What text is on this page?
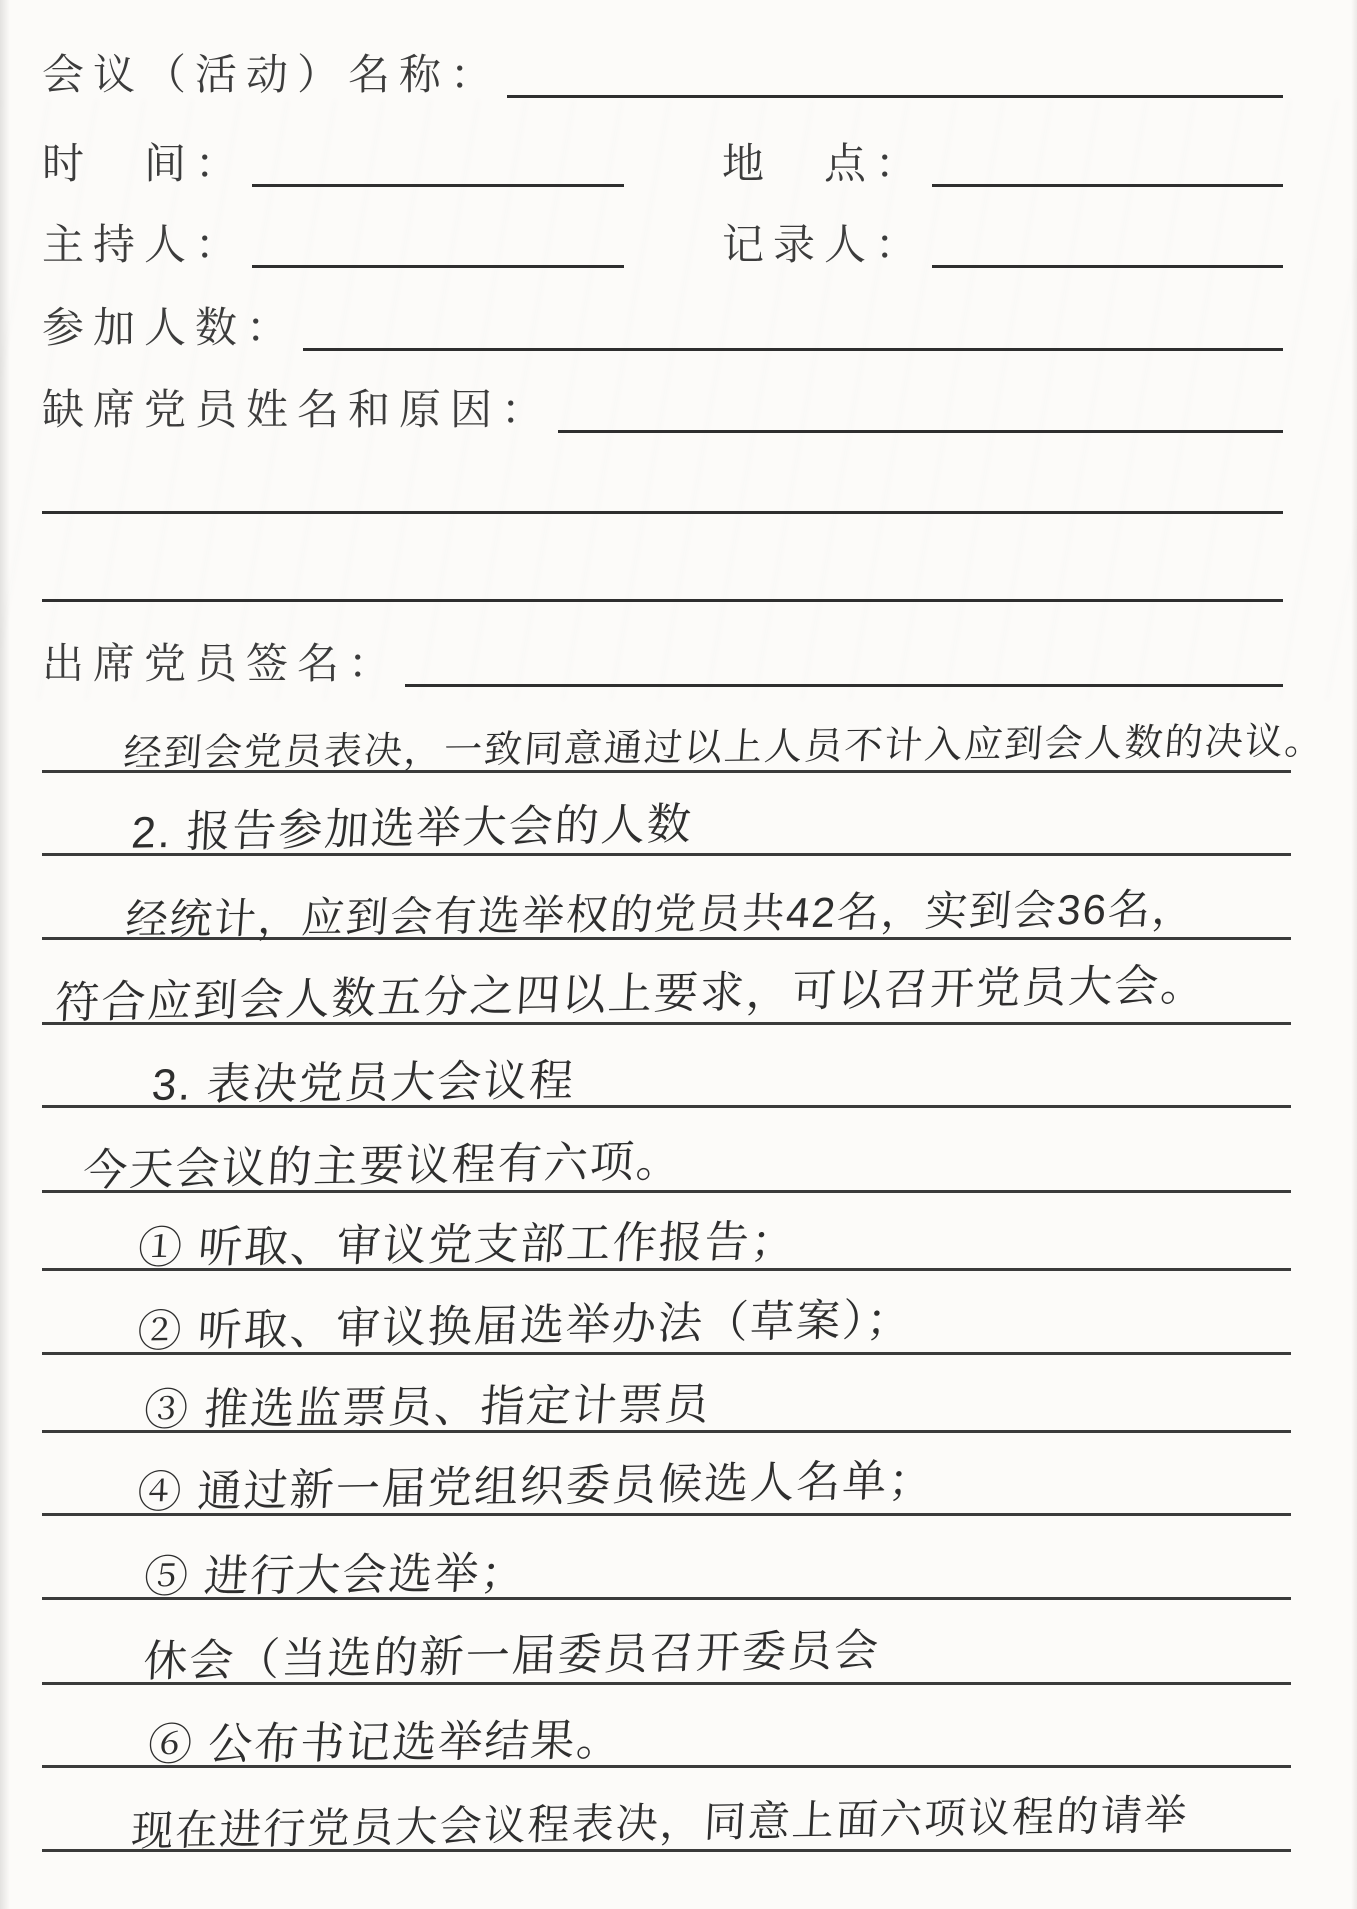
会议（活动）名称：
时　间：	地　点：
主持人：	记录人：
参加人数：
缺席党员姓名和原因：
出席党员签名：
经到会党员表决，一致同意通过以上人员不计入应到会人数的决议。
2. 报告参加选举大会的人数
经统计，应到会有选举权的党员共42名，实到会36名，
符合应到会人数五分之四以上要求，可以召开党员大会。
3. 表决党员大会议程
今天会议的主要议程有六项。
① 听取、审议党支部工作报告；
② 听取、审议换届选举办法（草案）；
③ 推选监票员、指定计票员
④ 通过新一届党组织委员候选人名单；
⑤ 进行大会选举；
休会（当选的新一届委员召开委员会
⑥ 公布书记选举结果。
现在进行党员大会议程表决，同意上面六项议程的请举
